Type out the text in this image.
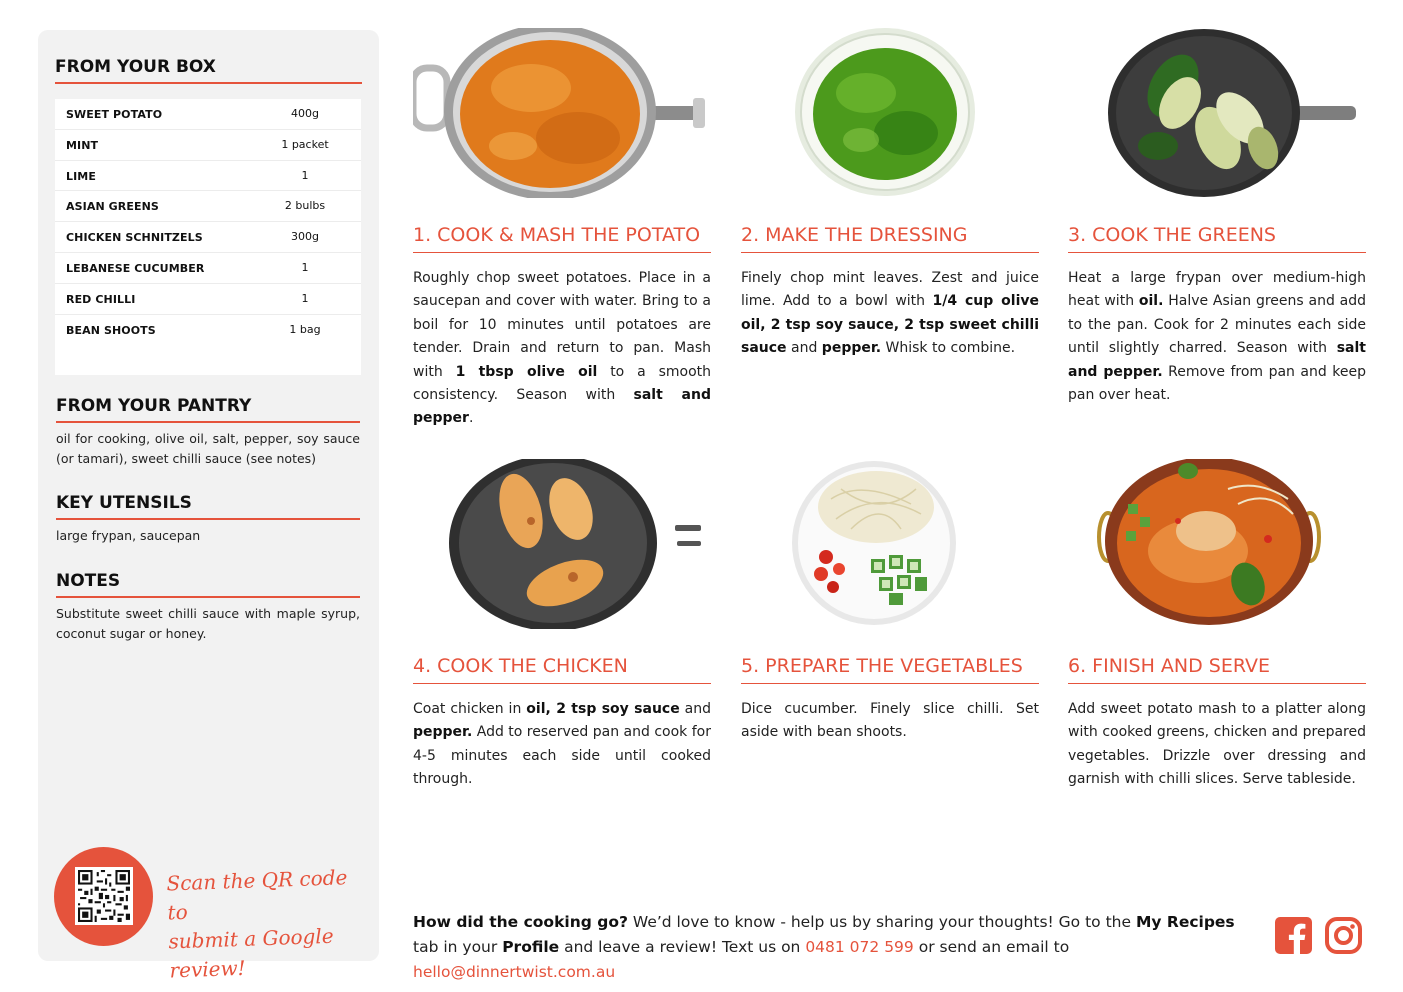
FROM YOUR BOX
SWEET POTATO	400g
MINT	1 packet
LIME	1
ASIAN GREENS	2 bulbs
CHICKEN SCHNITZELS	300g
LEBANESE CUCUMBER	1
RED CHILLI	1
BEAN SHOOTS	1 bag
FROM YOUR PANTRY
oil for cooking, olive oil, salt, pepper, soy sauce (or tamari), sweet chilli sauce (see notes)
KEY UTENSILS
large frypan, saucepan
NOTES
Substitute sweet chilli sauce with maple syrup, coconut sugar or honey.
Scan the QR code to
submit a Google review!
1. COOK & MASH THE POTATO
Roughly chop sweet potatoes. Place in a saucepan and cover with water. Bring to a boil for 10 minutes until potatoes are tender. Drain and return to pan. Mash with 1 tbsp olive oil to a smooth consistency. Season with salt and pepper.
2. MAKE THE DRESSING
Finely chop mint leaves. Zest and juice lime. Add to a bowl with 1/4 cup olive oil, 2 tsp soy sauce, 2 tsp sweet chilli sauce and pepper. Whisk to combine.
3. COOK THE GREENS
Heat a large frypan over medium-high heat with oil. Halve Asian greens and add to the pan. Cook for 2 minutes each side until slightly charred. Season with salt and pepper. Remove from pan and keep pan over heat.
4. COOK THE CHICKEN
Coat chicken in oil, 2 tsp soy sauce and pepper. Add to reserved pan and cook for 4-5 minutes each side until cooked through.
5. PREPARE THE VEGETABLES
Dice cucumber. Finely slice chilli. Set aside with bean shoots.
6. FINISH AND SERVE
Add sweet potato mash to a platter along with cooked greens, chicken and prepared vegetables. Drizzle over dressing and garnish with chilli slices. Serve tableside.
How did the cooking go? We’d love to know - help us by sharing your thoughts! Go to the My Recipes tab in your Profile and leave a review! Text us on 0481 072 599 or send an email to hello@dinnertwist.com.au
